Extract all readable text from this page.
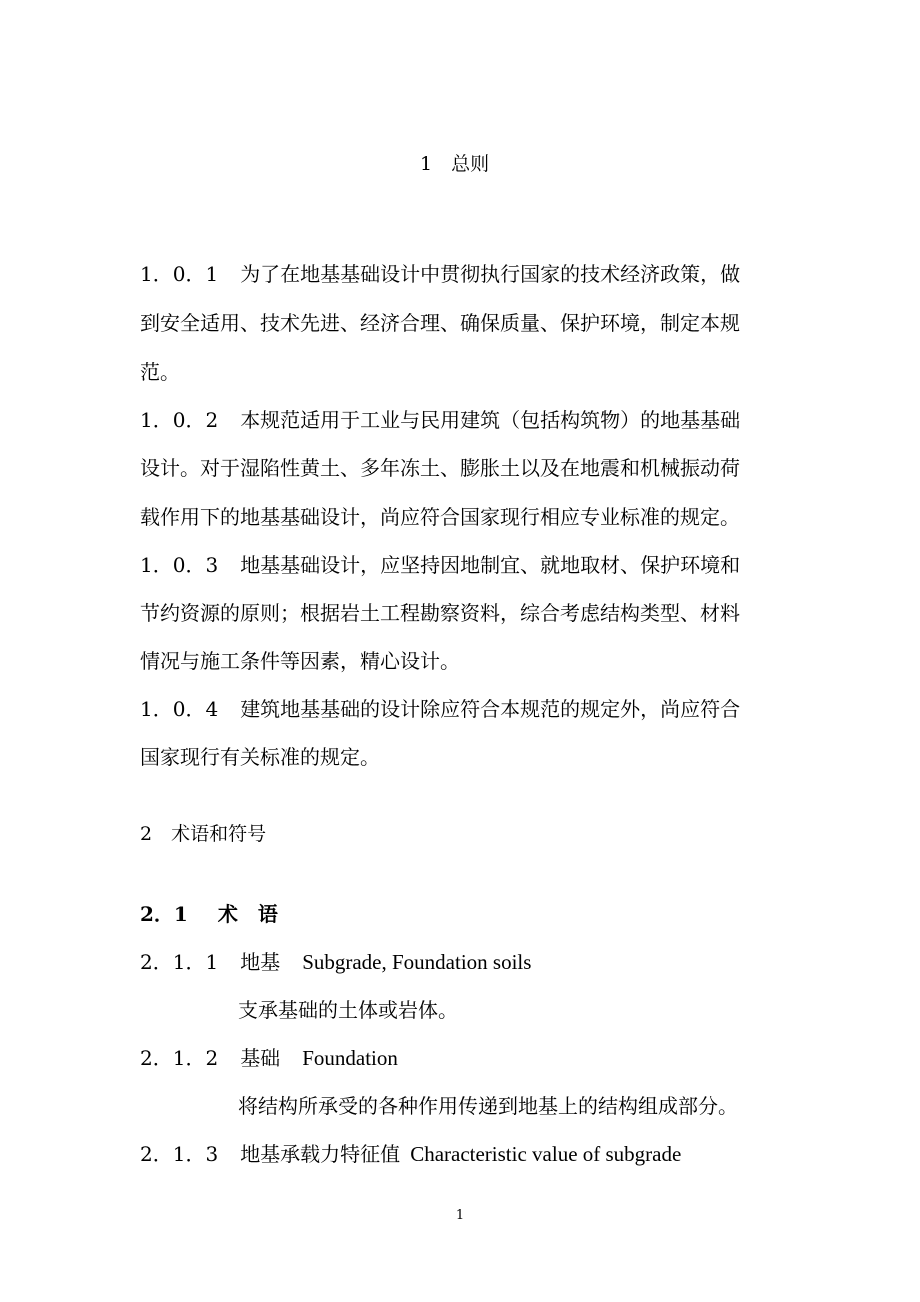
1　总则
1．0．1 为了在地基基础设计中贯彻执行国家的技术经济政策，做
到安全适用、技术先进、经济合理、确保质量、保护环境，制定本规
范。
1．0．2 本规范适用于工业与民用建筑（包括构筑物）的地基基础
设计。对于湿陷性黄土、多年冻土、膨胀土以及在地震和机械振动荷
载作用下的地基基础设计，尚应符合国家现行相应专业标准的规定。
1．0．3 地基基础设计，应坚持因地制宜、就地取材、保护环境和
节约资源的原则；根据岩土工程勘察资料，综合考虑结构类型、材料
情况与施工条件等因素，精心设计。
1．0．4 建筑地基基础的设计除应符合本规范的规定外，尚应符合
国家现行有关标准的规定。
2　术语和符号
2．1 术　语
2．1．1 地基 Subgrade, Foundation soils
支承基础的土体或岩体。
2．1．2 基础 Foundation
将结构所承受的各种作用传递到地基上的结构组成部分。
2．1．3 地基承载力特征值 Characteristic value of subgrade
1
